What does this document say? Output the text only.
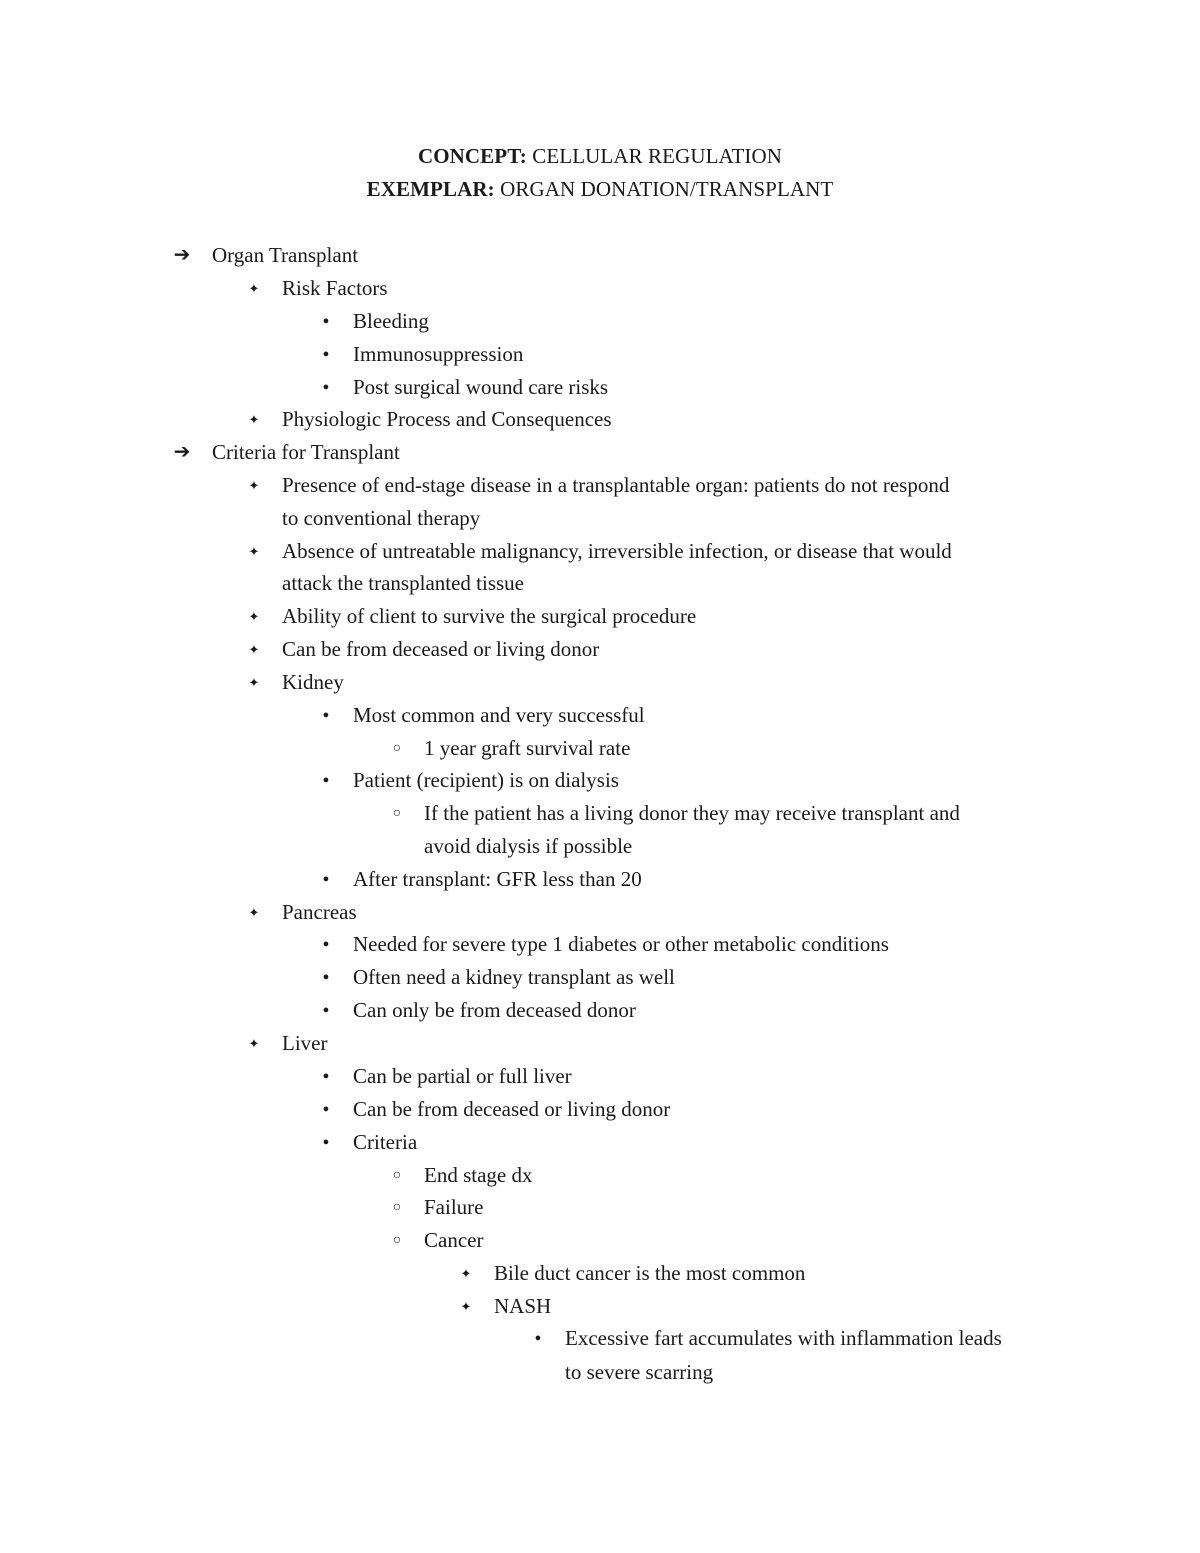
CONCEPT: CELLULAR REGULATION
EXEMPLAR: ORGAN DONATION/TRANSPLANT
➔ Organ Transplant
✦	Risk Factors
●	Bleeding
●	Immunosuppression
●	Post surgical wound care risks
✦	Physiologic Process and Consequences
➔ Criteria for Transplant
✦	Presence of end-stage disease in a transplantable organ: patients do not respond
to conventional therapy
✦	Absence of untreatable malignancy, irreversible infection, or disease that would
attack the transplanted tissue
✦	Ability of client to survive the surgical procedure
✦	Can be from deceased or living donor
✦	Kidney
●	Most common and very successful
○	1 year graft survival rate
●	Patient (recipient) is on dialysis
○	If the patient has a living donor they may receive transplant and
avoid dialysis if possible
●	After transplant: GFR less than 20
✦	Pancreas
●	Needed for severe type 1 diabetes or other metabolic conditions
●	Often need a kidney transplant as well
●	Can only be from deceased donor
✦	Liver
●	Can be partial or full liver
●	Can be from deceased or living donor
●	Criteria
○	End stage dx
○	Failure
○	Cancer
✦	Bile duct cancer is the most common
✦	NASH
●	Excessive fart accumulates with inflammation leads
to severe scarring
